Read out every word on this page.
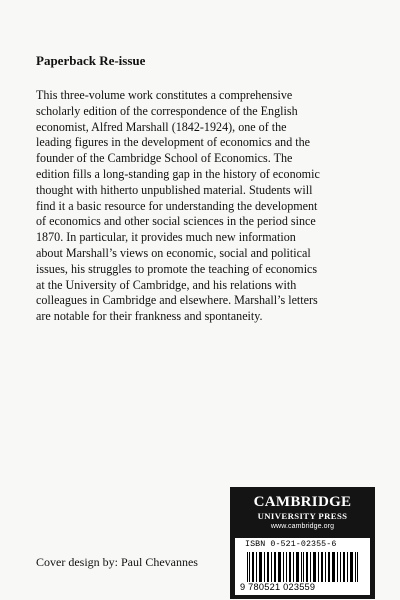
Paperback Re-issue

This three-volume work constitutes a comprehensive
scholarly edition of the correspondence of the English
economist, Alfred Marshall (1842-1924), one of the
leading figures in the development of economics and the
founder of the Cambridge School of Economics. The
edition fills a long-standing gap in the history of economic
thought with hitherto unpublished material. Students will
find it a basic resource for understanding the development
of economics and other social sciences in the period since
1870. In particular, it provides much new information
about Marshall’s views on economic, social and political
issues, his struggles to promote the teaching of economics
at the University of Cambridge, and his relations with
colleagues in Cambridge and elsewhere. Marshall’s letters
are notable for their frankness and spontaneity.

Cover design by: Paul Chevannes

CAMBRIDGE
UNIVERSITY PRESS
www.cambridge.org
ISBN 0-521-02355-6
9 780521 023559
